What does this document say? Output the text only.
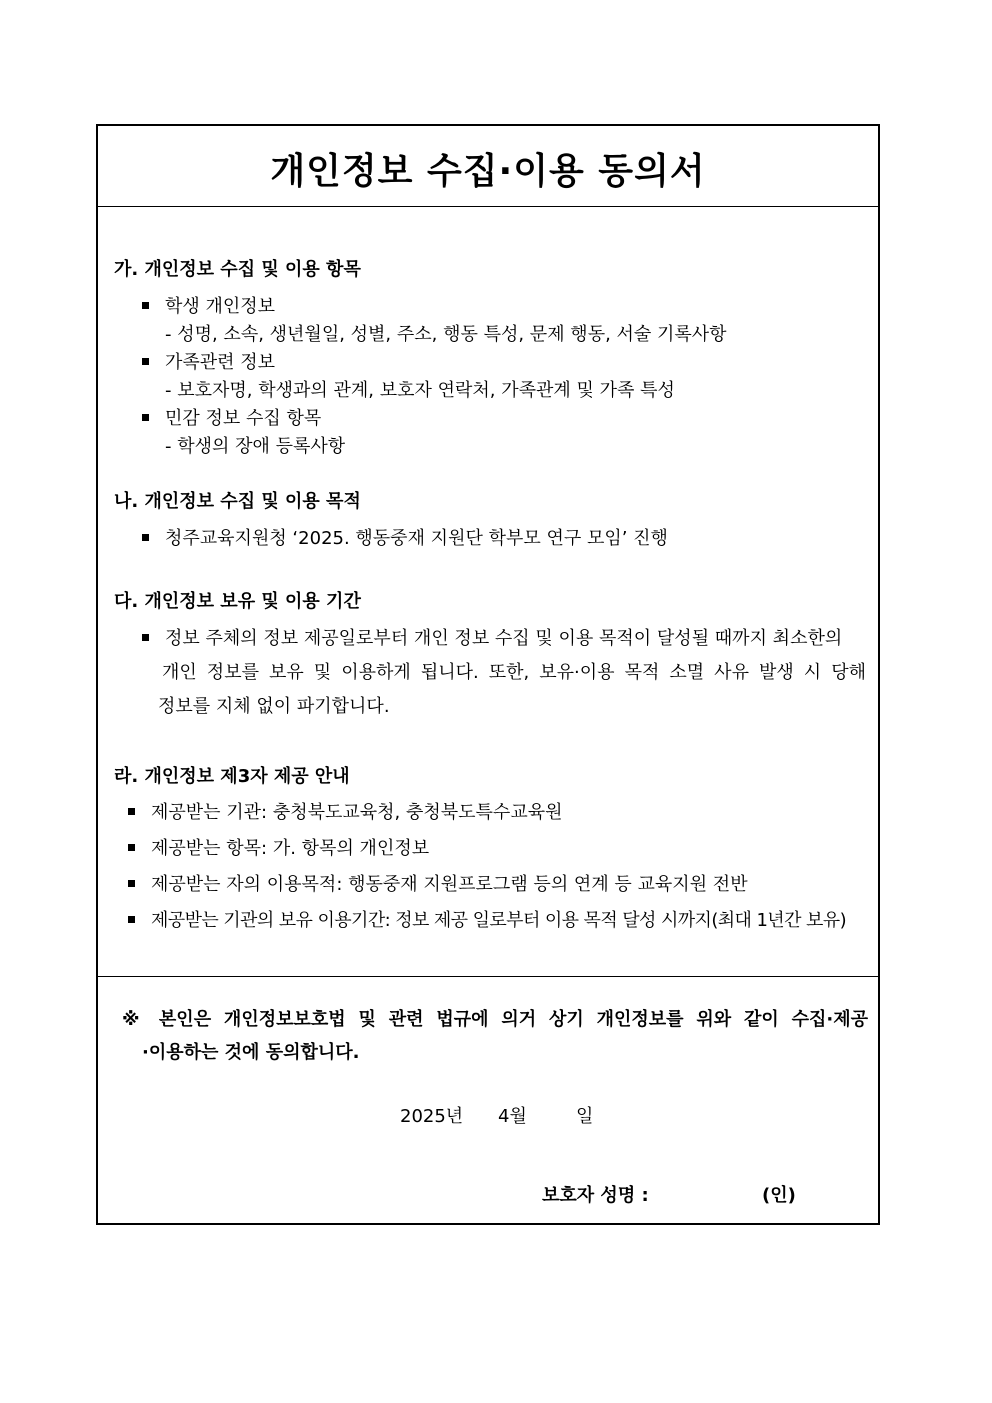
개인정보 수집·이용 동의서
가. 개인정보 수집 및 이용 항목
학생 개인정보
- 성명, 소속, 생년월일, 성별, 주소, 행동 특성, 문제 행동, 서술 기록사항
가족관련 정보
- 보호자명, 학생과의 관계, 보호자 연락처, 가족관계 및 가족 특성
민감 정보 수집 항목
- 학생의 장애 등록사항
나. 개인정보 수집 및 이용 목적
청주교육지원청 ‘2025. 행동중재 지원단 학부모 연구 모임’ 진행
다. 개인정보 보유 및 이용 기간
정보 주체의 정보 제공일로부터 개인 정보 수집 및 이용 목적이 달성될 때까지 최소한의
개인 정보를 보유 및 이용하게 됩니다. 또한, 보유·이용 목적 소멸 사유 발생 시 당해
정보를 지체 없이 파기합니다.
라. 개인정보 제3자 제공 안내
제공받는 기관: 충청북도교육청, 충청북도특수교육원
제공받는 항목: 가. 항목의 개인정보
제공받는 자의 이용목적: 행동중재 지원프로그램 등의 연계 등 교육지원 전반
제공받는 기관의 보유 이용기간: 정보 제공 일로부터 이용 목적 달성 시까지(최대 1년간 보유)
※ 본인은 개인정보보호법 및 관련 법규에 의거 상기 개인정보를 위와 같이 수집·제공
·이용하는 것에 동의합니다.
2025년 4월	일
보호자 성명 :	(인)
